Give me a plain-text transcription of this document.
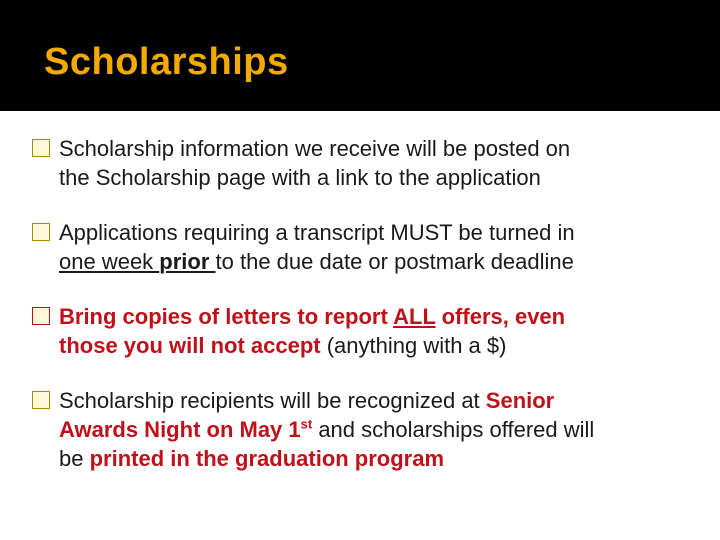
Scholarships
Scholarship information we receive will be posted on
the Scholarship page with a link to the application
Applications requiring a transcript MUST be turned in
one week prior to the due date or postmark deadline
Bring copies of letters to report ALL offers, even
those you will not accept (anything with a $)
Scholarship recipients will be recognized at Senior
Awards Night on May 1st and scholarships offered will
be printed in the graduation program
